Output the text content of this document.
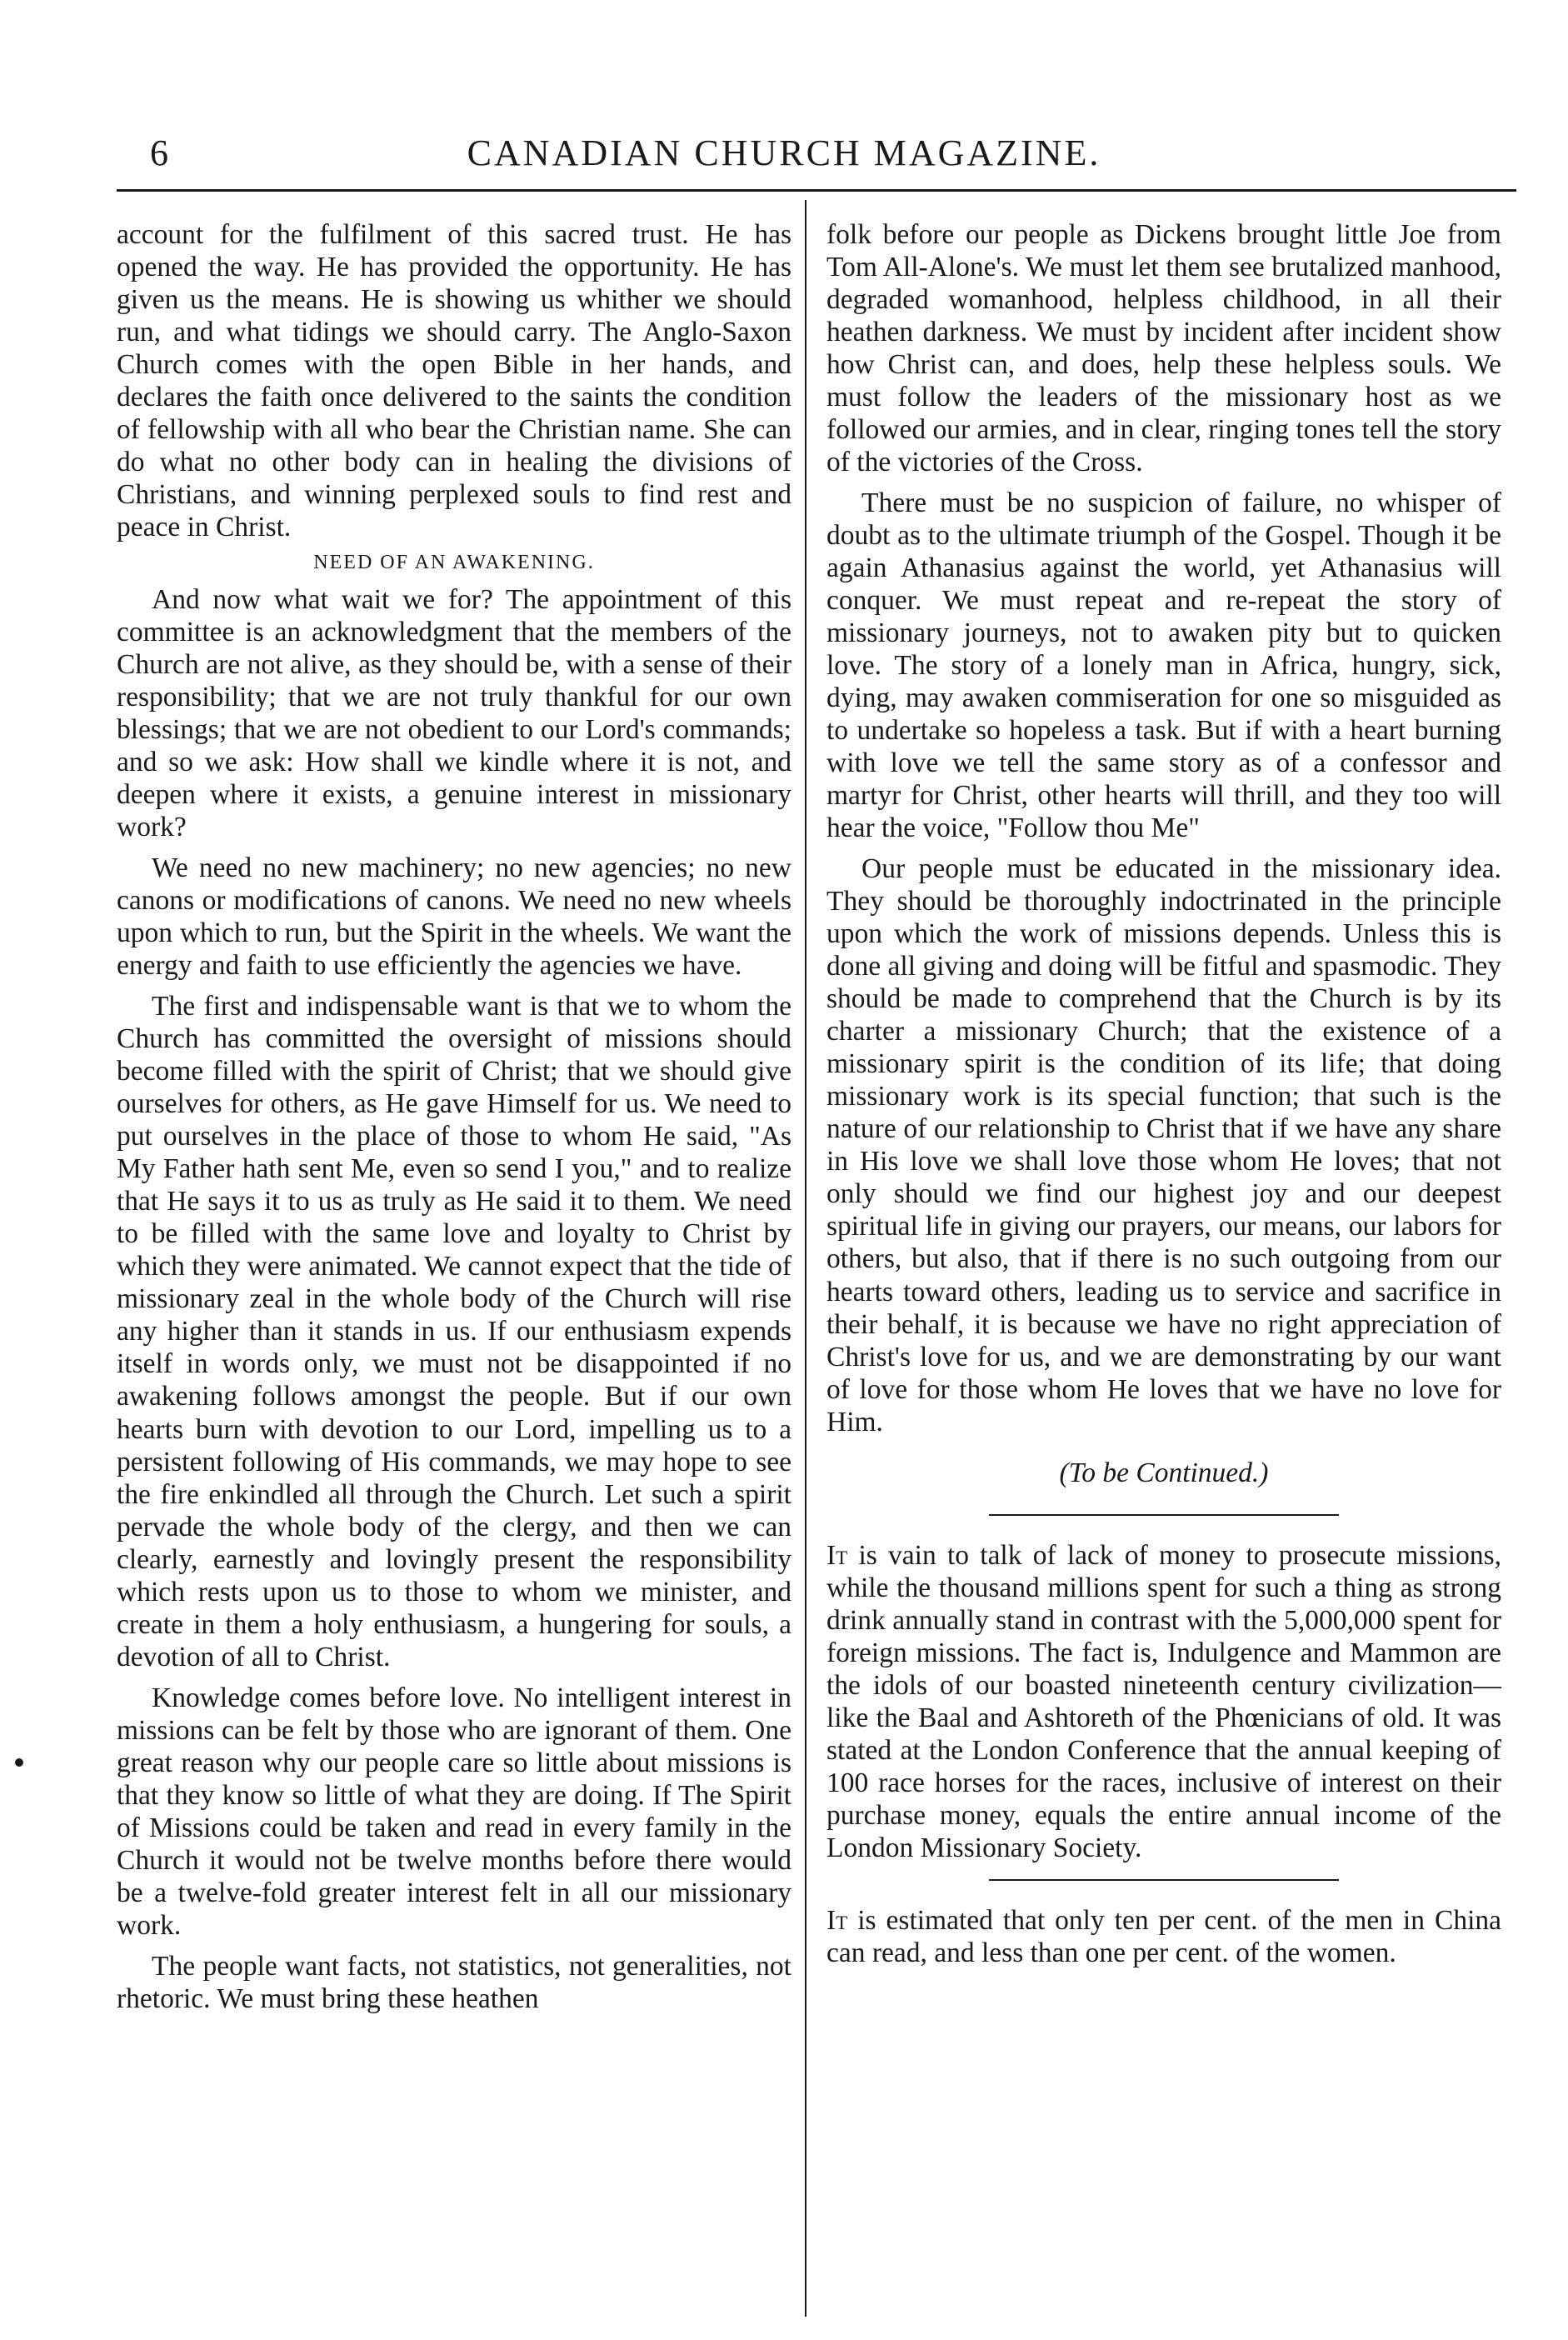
6	CANADIAN CHURCH MAGAZINE.

account for the fulfilment of this sacred trust. He has opened the way. He has provided the opportunity. He has given us the means. He is showing us whither we should run, and what tidings we should carry. The Anglo-Saxon Church comes with the open Bible in her hands, and declares the faith once delivered to the saints the condition of fellowship with all who bear the Christian name. She can do what no other body can in healing the divisions of Christians, and winning perplexed souls to find rest and peace in Christ.

NEED OF AN AWAKENING.

And now what wait we for? The appointment of this committee is an acknowledgment that the members of the Church are not alive, as they should be, with a sense of their responsibility; that we are not truly thankful for our own blessings; that we are not obedient to our Lord's commands; and so we ask: How shall we kindle where it is not, and deepen where it exists, a genuine interest in missionary work?

We need no new machinery; no new agencies; no new canons or modifications of canons. We need no new wheels upon which to run, but the Spirit in the wheels. We want the energy and faith to use efficiently the agencies we have.

The first and indispensable want is that we to whom the Church has committed the oversight of missions should become filled with the spirit of Christ; that we should give ourselves for others, as He gave Himself for us. We need to put ourselves in the place of those to whom He said, "As My Father hath sent Me, even so send I you," and to realize that He says it to us as truly as He said it to them. We need to be filled with the same love and loyalty to Christ by which they were animated. We cannot expect that the tide of missionary zeal in the whole body of the Church will rise any higher than it stands in us. If our enthusiasm expends itself in words only, we must not be disappointed if no awakening follows amongst the people. But if our own hearts burn with devotion to our Lord, impelling us to a persistent following of His commands, we may hope to see the fire enkindled all through the Church. Let such a spirit pervade the whole body of the clergy, and then we can clearly, earnestly and lovingly present the responsibility which rests upon us to those to whom we minister, and create in them a holy enthusiasm, a hungering for souls, a devotion of all to Christ.

Knowledge comes before love. No intelligent interest in missions can be felt by those who are ignorant of them. One great reason why our people care so little about missions is that they know so little of what they are doing. If The Spirit of Missions could be taken and read in every family in the Church it would not be twelve months before there would be a twelve-fold greater interest felt in all our missionary work.

The people want facts, not statistics, not generalities, not rhetoric. We must bring these heathen

folk before our people as Dickens brought little Joe from Tom All-Alone's. We must let them see brutalized manhood, degraded womanhood, helpless childhood, in all their heathen darkness. We must by incident after incident show how Christ can, and does, help these helpless souls. We must follow the leaders of the missionary host as we followed our armies, and in clear, ringing tones tell the story of the victories of the Cross.

There must be no suspicion of failure, no whisper of doubt as to the ultimate triumph of the Gospel. Though it be again Athanasius against the world, yet Athanasius will conquer. We must repeat and re-repeat the story of missionary journeys, not to awaken pity but to quicken love. The story of a lonely man in Africa, hungry, sick, dying, may awaken commiseration for one so misguided as to undertake so hopeless a task. But if with a heart burning with love we tell the same story as of a confessor and martyr for Christ, other hearts will thrill, and they too will hear the voice, "Follow thou Me"

Our people must be educated in the missionary idea. They should be thoroughly indoctrinated in the principle upon which the work of missions depends. Unless this is done all giving and doing will be fitful and spasmodic. They should be made to comprehend that the Church is by its charter a missionary Church; that the existence of a missionary spirit is the condition of its life; that doing missionary work is its special function; that such is the nature of our relationship to Christ that if we have any share in His love we shall love those whom He loves; that not only should we find our highest joy and our deepest spiritual life in giving our prayers, our means, our labors for others, but also, that if there is no such outgoing from our hearts toward others, leading us to service and sacrifice in their behalf, it is because we have no right appreciation of Christ's love for us, and we are demonstrating by our want of love for those whom He loves that we have no love for Him.

(To be Continued.)

It is vain to talk of lack of money to prosecute missions, while the thousand millions spent for such a thing as strong drink annually stand in contrast with the 5,000,000 spent for foreign missions. The fact is, Indulgence and Mammon are the idols of our boasted nineteenth century civilization—like the Baal and Ashtoreth of the Phœnicians of old. It was stated at the London Conference that the annual keeping of 100 race horses for the races, inclusive of interest on their purchase money, equals the entire annual income of the London Missionary Society.

It is estimated that only ten per cent. of the men in China can read, and less than one per cent. of the women.
